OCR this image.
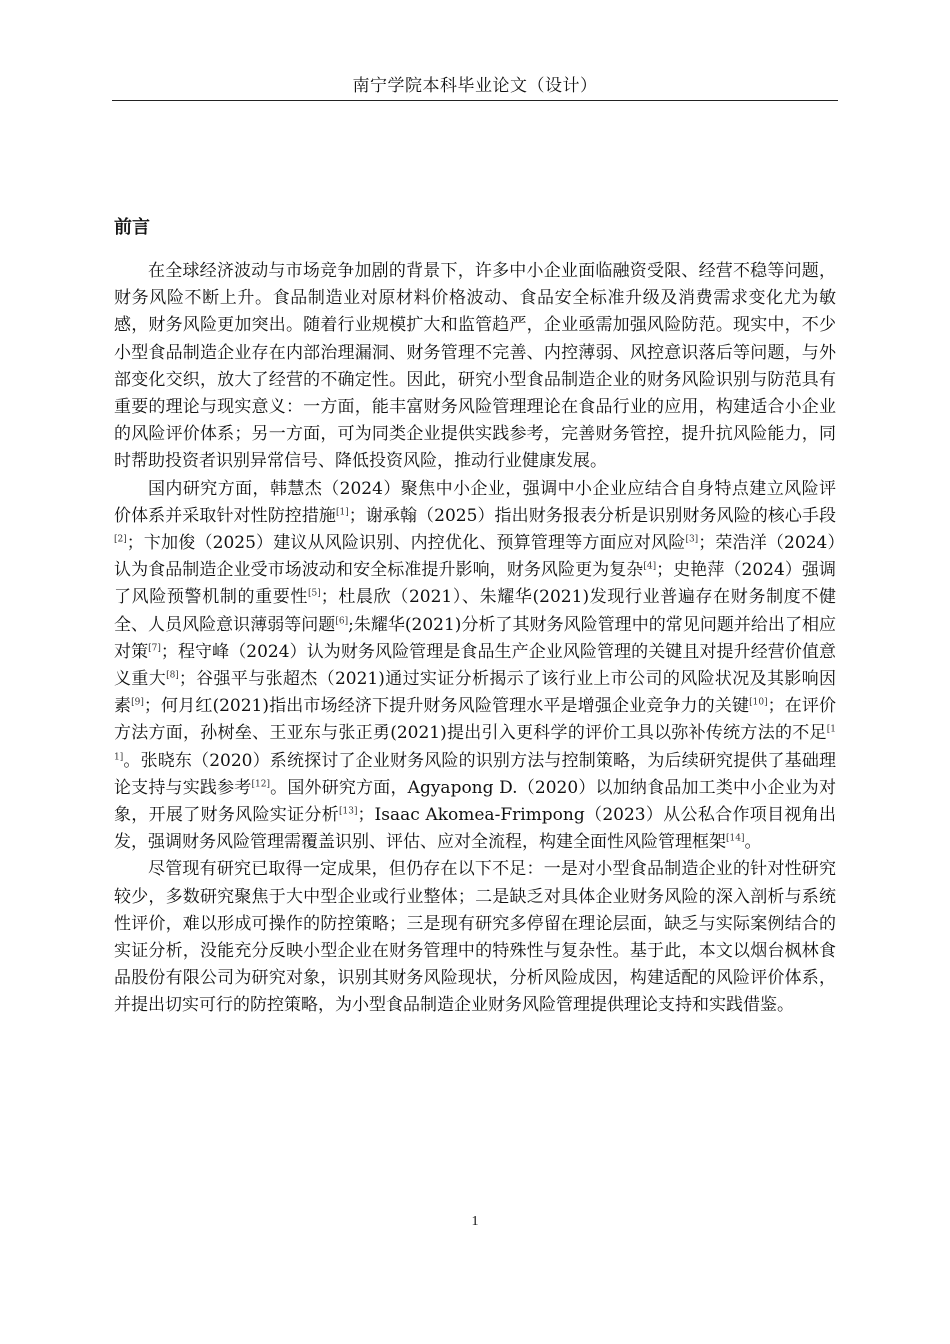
南宁学院本科毕业论文（设计）
前言

在全球经济波动与市场竞争加剧的背景下，许多中小企业面临融资受限、经营不稳等问题，财务风险不断上升。食品制造业对原材料价格波动、食品安全标准升级及消费需求变化尤为敏感，财务风险更加突出。随着行业规模扩大和监管趋严，企业亟需加强风险防范。现实中，不少小型食品制造企业存在内部治理漏洞、财务管理不完善、内控薄弱、风控意识落后等问题，与外部变化交织，放大了经营的不确定性。因此，研究小型食品制造企业的财务风险识别与防范具有重要的理论与现实意义：一方面，能丰富财务风险管理理论在食品行业的应用，构建适合小企业的风险评价体系；另一方面，可为同类企业提供实践参考，完善财务管控，提升抗风险能力，同时帮助投资者识别异常信号、降低投资风险，推动行业健康发展。

国内研究方面，韩慧杰（2024）聚焦中小企业，强调中小企业应结合自身特点建立风险评价体系并采取针对性防控措施[1]；谢承翰（2025）指出财务报表分析是识别财务风险的核心手段[2]；卞加俊（2025）建议从风险识别、内控优化、预算管理等方面应对风险[3]；荣浩洋（2024）认为食品制造企业受市场波动和安全标准提升影响，财务风险更为复杂[4]；史艳萍（2024）强调了风险预警机制的重要性[5]；杜晨欣（2021）、朱耀华(2021)发现行业普遍存在财务制度不健全、人员风险意识薄弱等问题[6];朱耀华(2021)分析了其财务风险管理中的常见问题并给出了相应对策[7]；程守峰（2024）认为财务风险管理是食品生产企业风险管理的关键且对提升经营价值意义重大[8]；谷强平与张超杰（2021)通过实证分析揭示了该行业上市公司的风险状况及其影响因素[9]；何月红(2021)指出市场经济下提升财务风险管理水平是增强企业竞争力的关键[10]；在评价方法方面，孙树垒、王亚东与张正勇(2021)提出引入更科学的评价工具以弥补传统方法的不足[11]。张晓东（2020）系统探讨了企业财务风险的识别方法与控制策略，为后续研究提供了基础理论支持与实践参考[12]。国外研究方面，Agyapong D.（2020）以加纳食品加工类中小企业为对象，开展了财务风险实证分析[13]；Isaac Akomea-Frimpong（2023）从公私合作项目视角出发，强调财务风险管理需覆盖识别、评估、应对全流程，构建全面性风险管理框架[14]。

尽管现有研究已取得一定成果，但仍存在以下不足：一是对小型食品制造企业的针对性研究较少，多数研究聚焦于大中型企业或行业整体；二是缺乏对具体企业财务风险的深入剖析与系统性评价，难以形成可操作的防控策略；三是现有研究多停留在理论层面，缺乏与实际案例结合的实证分析，没能充分反映小型企业在财务管理中的特殊性与复杂性。基于此，本文以烟台枫林食品股份有限公司为研究对象，识别其财务风险现状，分析风险成因，构建适配的风险评价体系，并提出切实可行的防控策略，为小型食品制造企业财务风险管理提供理论支持和实践借鉴。

1
